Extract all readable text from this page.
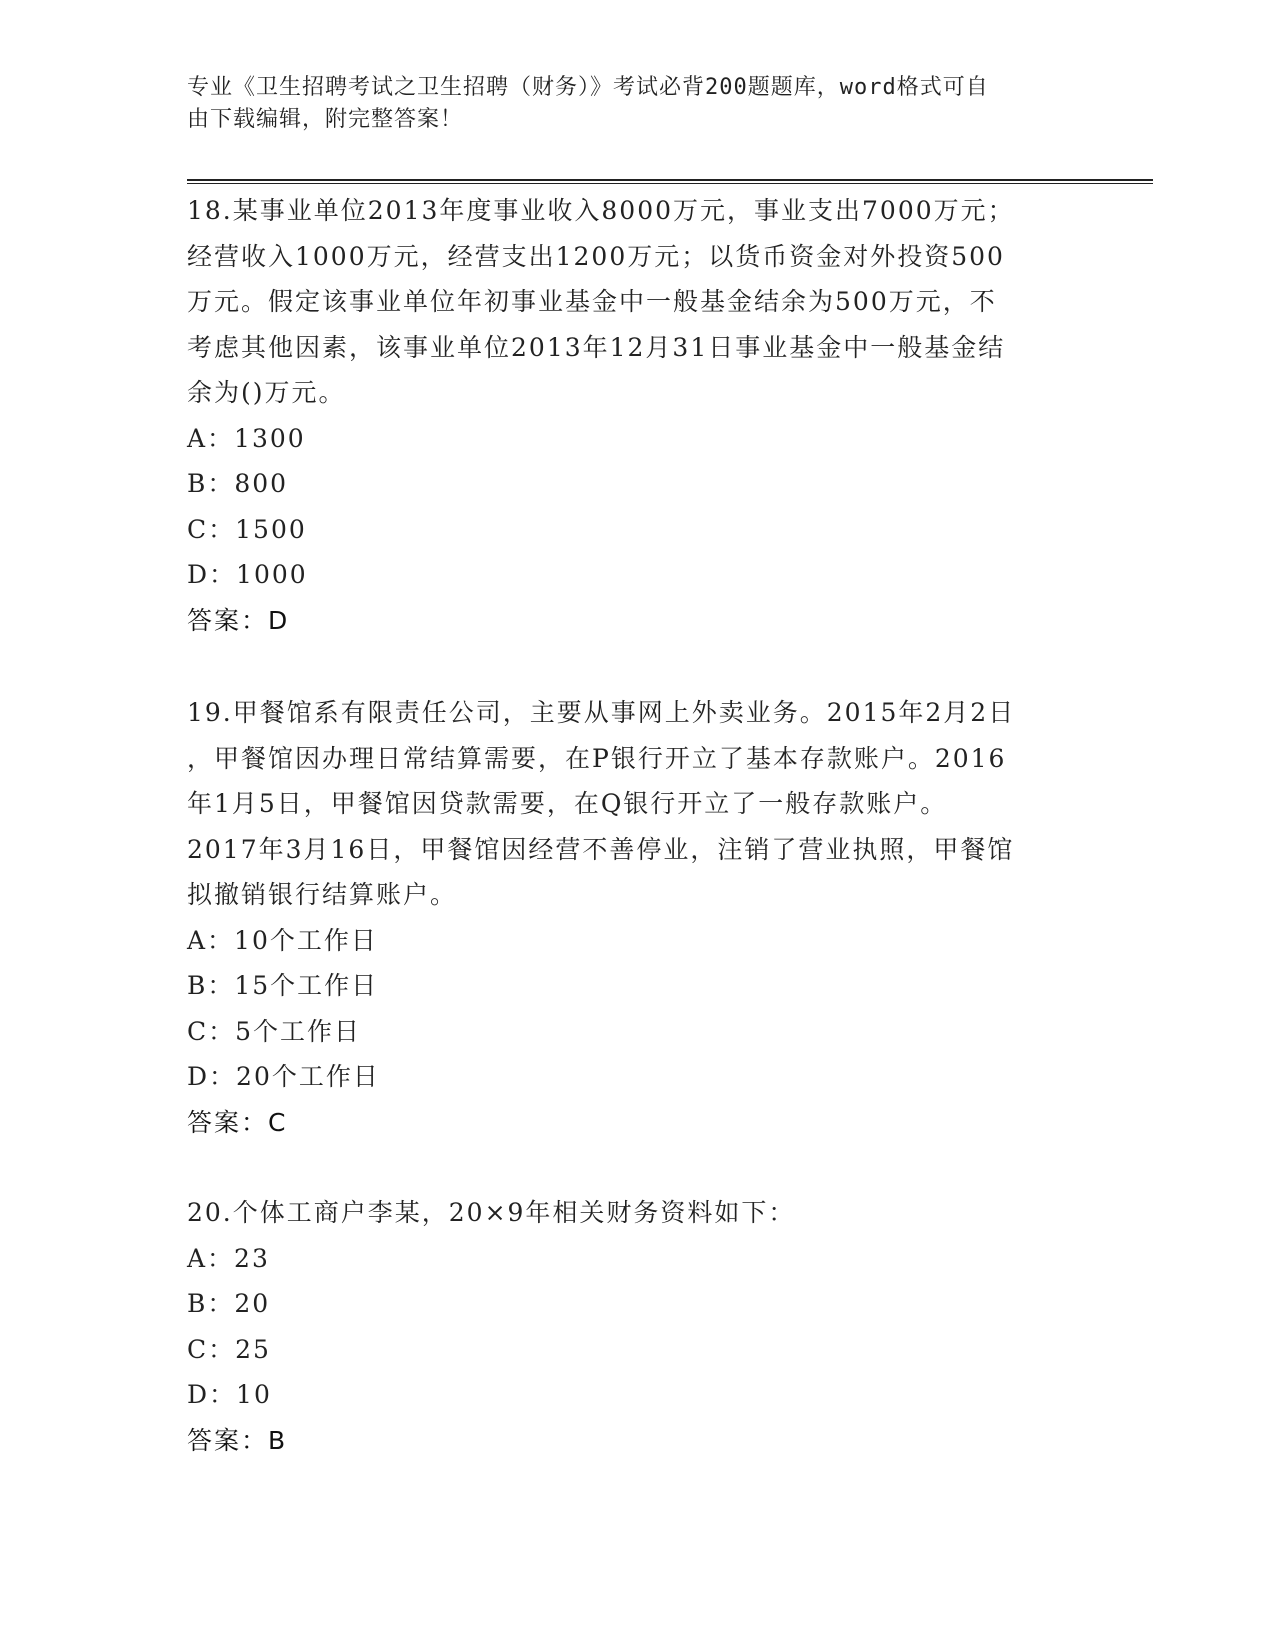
专业《卫生招聘考试之卫生招聘（财务）》考试必背200题题库，word格式可自
由下载编辑，附完整答案！
18.某事业单位2013年度事业收入8000万元，事业支出7000万元；
经营收入1000万元，经营支出1200万元；以货币资金对外投资500
万元。假定该事业单位年初事业基金中一般基金结余为500万元，不
考虑其他因素，该事业单位2013年12月31日事业基金中一般基金结
余为()万元。
A：1300
B：800
C：1500
D：1000
答案：D
19.甲餐馆系有限责任公司，主要从事网上外卖业务。2015年2月2日
，甲餐馆因办理日常结算需要，在P银行开立了基本存款账户。2016
年1月5日，甲餐馆因贷款需要，在Q银行开立了一般存款账户。
2017年3月16日，甲餐馆因经营不善停业，注销了营业执照，甲餐馆
拟撤销银行结算账户。
A：10个工作日
B：15个工作日
C：5个工作日
D：20个工作日
答案：C
20.个体工商户李某，20×9年相关财务资料如下：
A：23
B：20
C：25
D：10
答案：B
